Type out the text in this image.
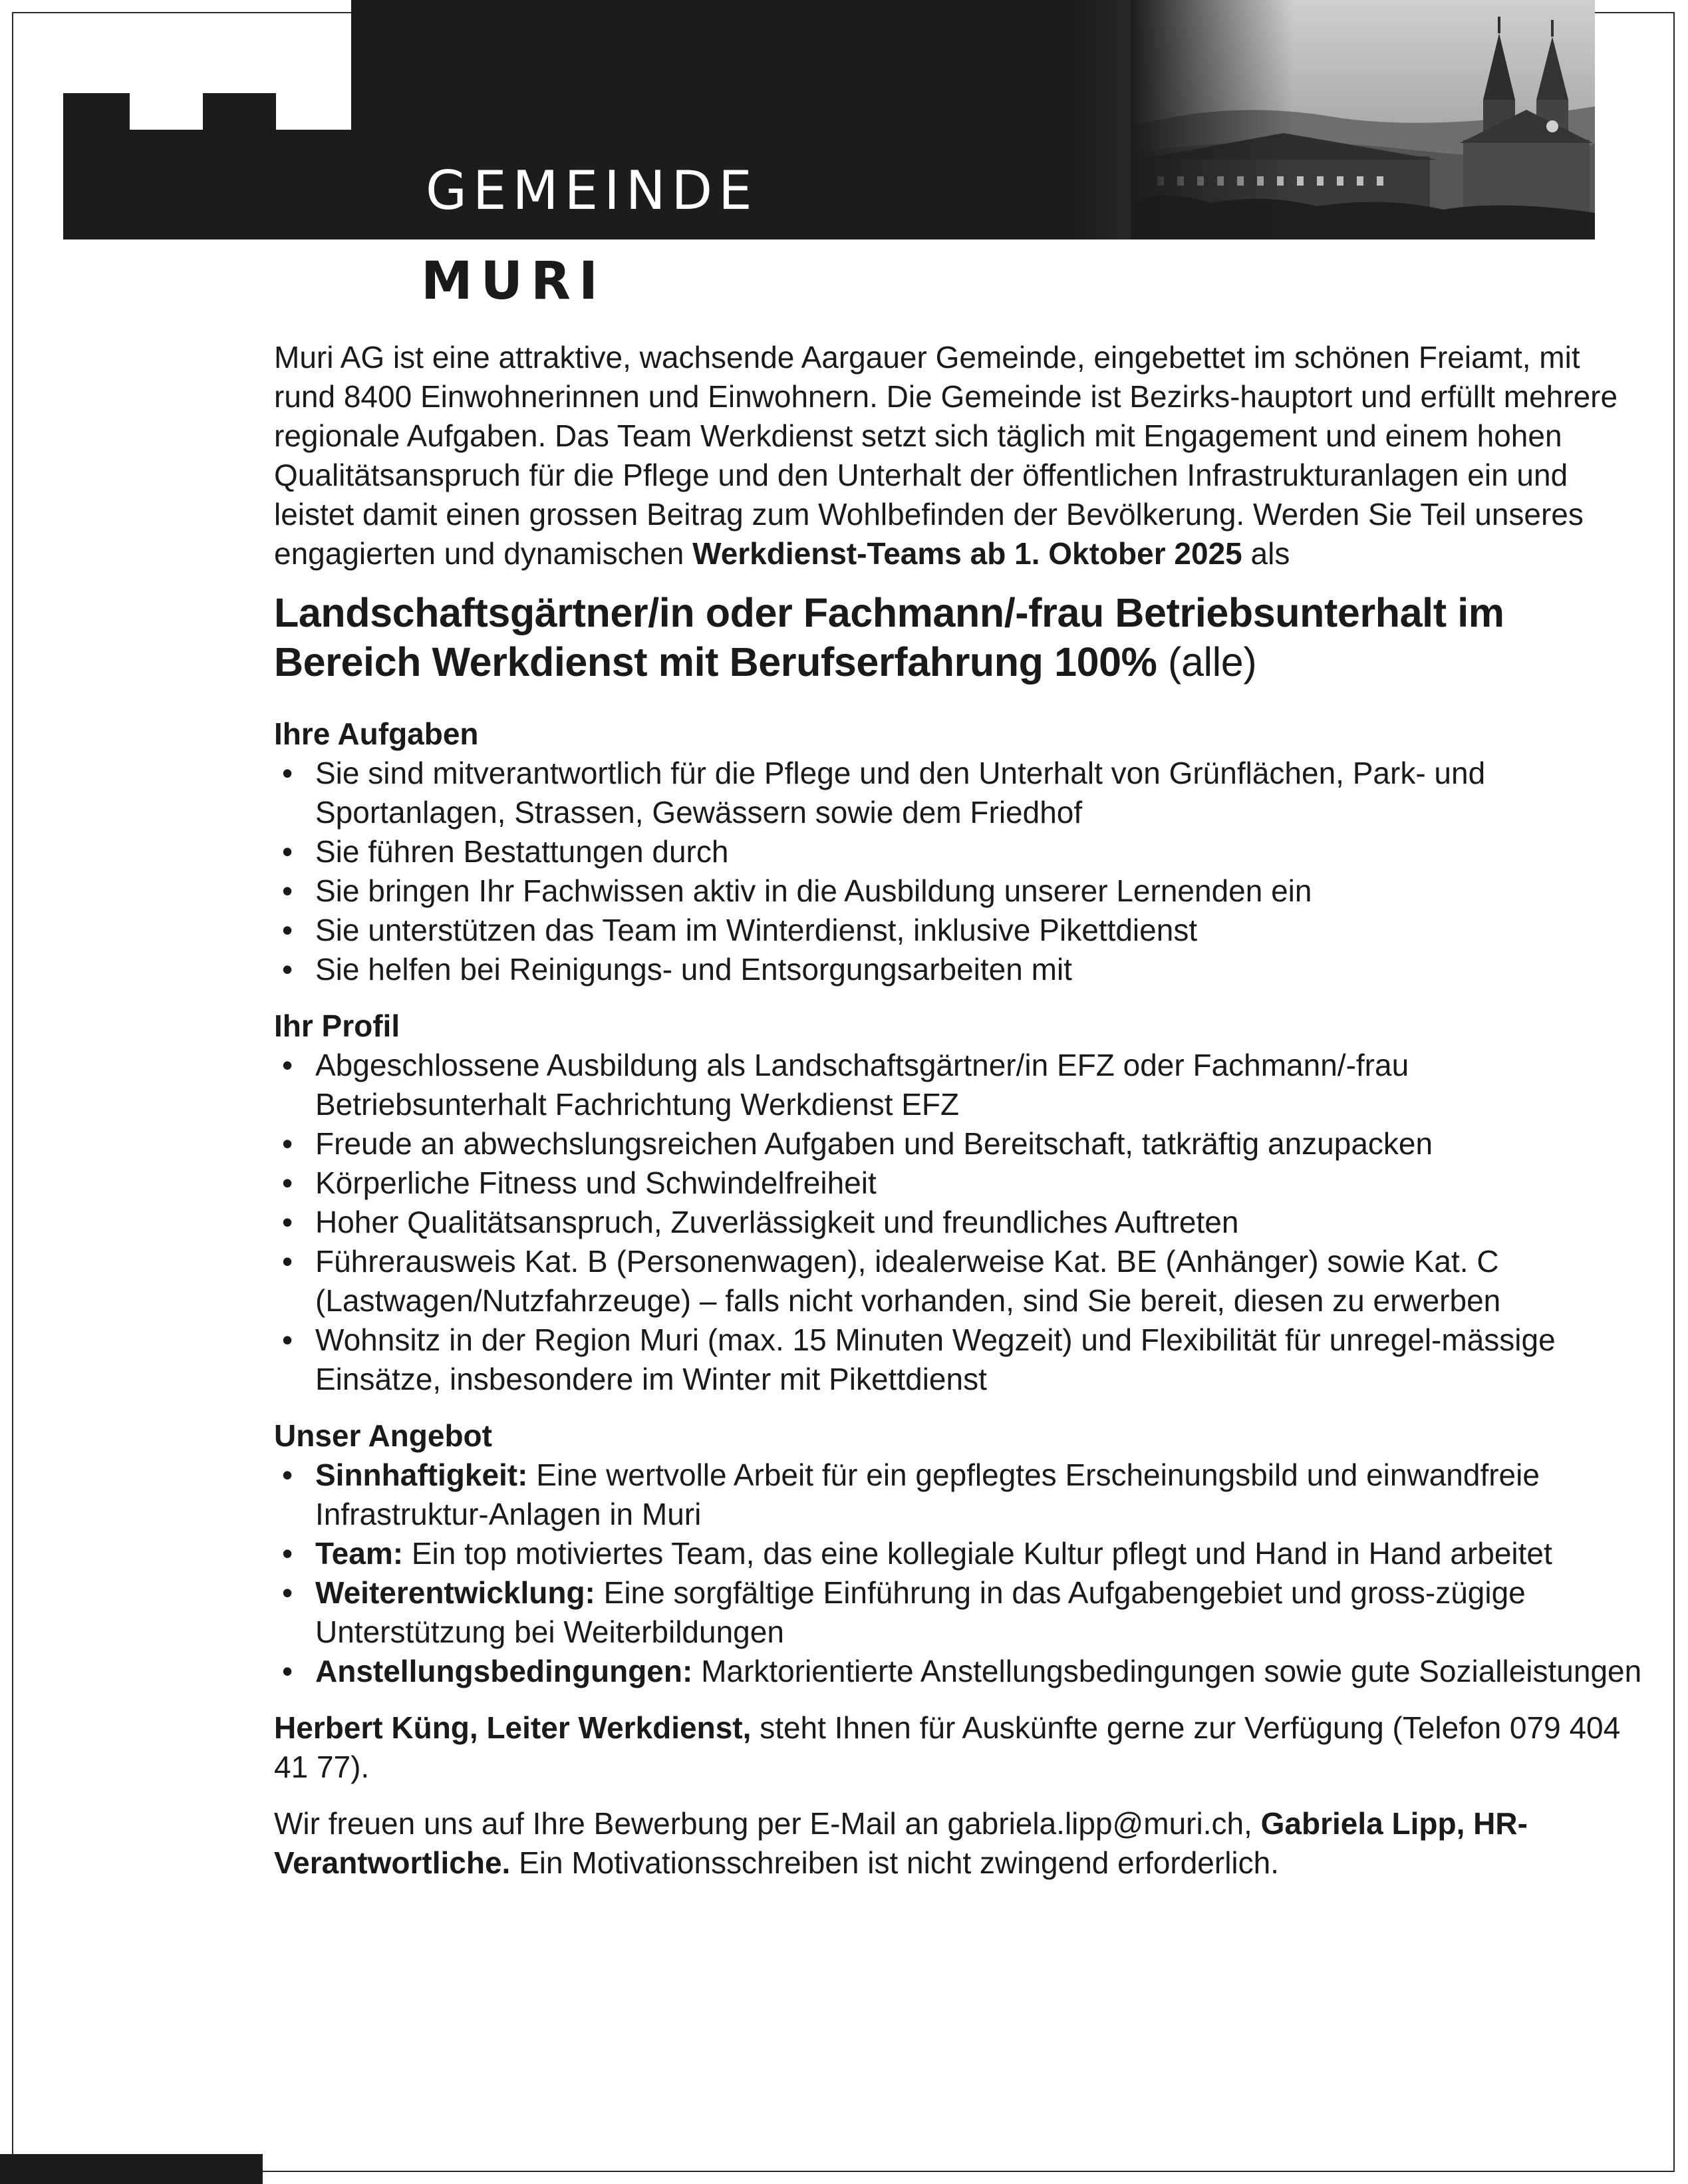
GEMEINDE
MURI

Muri AG ist eine attraktive, wachsende Aargauer Gemeinde, eingebettet im schönen Freiamt, mit rund 8400 Einwohnerinnen und Einwohnern. Die Gemeinde ist Bezirks-hauptort und erfüllt mehrere regionale Aufgaben. Das Team Werkdienst setzt sich täglich mit Engagement und einem hohen Qualitätsanspruch für die Pflege und den Unterhalt der öffentlichen Infrastrukturanlagen ein und leistet damit einen grossen Beitrag zum Wohlbefinden der Bevölkerung. Werden Sie Teil unseres engagierten und dynamischen Werkdienst-Teams ab 1. Oktober 2025 als

Landschaftsgärtner/in oder Fachmann/-frau Betriebsunterhalt im Bereich Werkdienst mit Berufserfahrung 100% (alle)

Ihre Aufgaben
• Sie sind mitverantwortlich für die Pflege und den Unterhalt von Grünflächen, Park- und Sportanlagen, Strassen, Gewässern sowie dem Friedhof
• Sie führen Bestattungen durch
• Sie bringen Ihr Fachwissen aktiv in die Ausbildung unserer Lernenden ein
• Sie unterstützen das Team im Winterdienst, inklusive Pikettdienst
• Sie helfen bei Reinigungs- und Entsorgungsarbeiten mit
Ihr Profil
• Abgeschlossene Ausbildung als Landschaftsgärtner/in EFZ oder Fachmann/-frau Betriebsunterhalt Fachrichtung Werkdienst EFZ
• Freude an abwechslungsreichen Aufgaben und Bereitschaft, tatkräftig anzupacken
• Körperliche Fitness und Schwindelfreiheit
• Hoher Qualitätsanspruch, Zuverlässigkeit und freundliches Auftreten
• Führerausweis Kat. B (Personenwagen), idealerweise Kat. BE (Anhänger) sowie Kat. C (Lastwagen/Nutzfahrzeuge) – falls nicht vorhanden, sind Sie bereit, diesen zu erwerben
• Wohnsitz in der Region Muri (max. 15 Minuten Wegzeit) und Flexibilität für unregel-mässige Einsätze, insbesondere im Winter mit Pikettdienst
Unser Angebot
• Sinnhaftigkeit: Eine wertvolle Arbeit für ein gepflegtes Erscheinungsbild und einwandfreie Infrastruktur-Anlagen in Muri
• Team: Ein top motiviertes Team, das eine kollegiale Kultur pflegt und Hand in Hand arbeitet
• Weiterentwicklung: Eine sorgfältige Einführung in das Aufgabengebiet und gross-zügige Unterstützung bei Weiterbildungen
• Anstellungsbedingungen: Marktorientierte Anstellungsbedingungen sowie gute Sozialleistungen

Herbert Küng, Leiter Werkdienst, steht Ihnen für Auskünfte gerne zur Verfügung (Telefon 079 404 41 77).

Wir freuen uns auf Ihre Bewerbung per E-Mail an gabriela.lipp@muri.ch, Gabriela Lipp, HR-Verantwortliche. Ein Motivationsschreiben ist nicht zwingend erforderlich.
